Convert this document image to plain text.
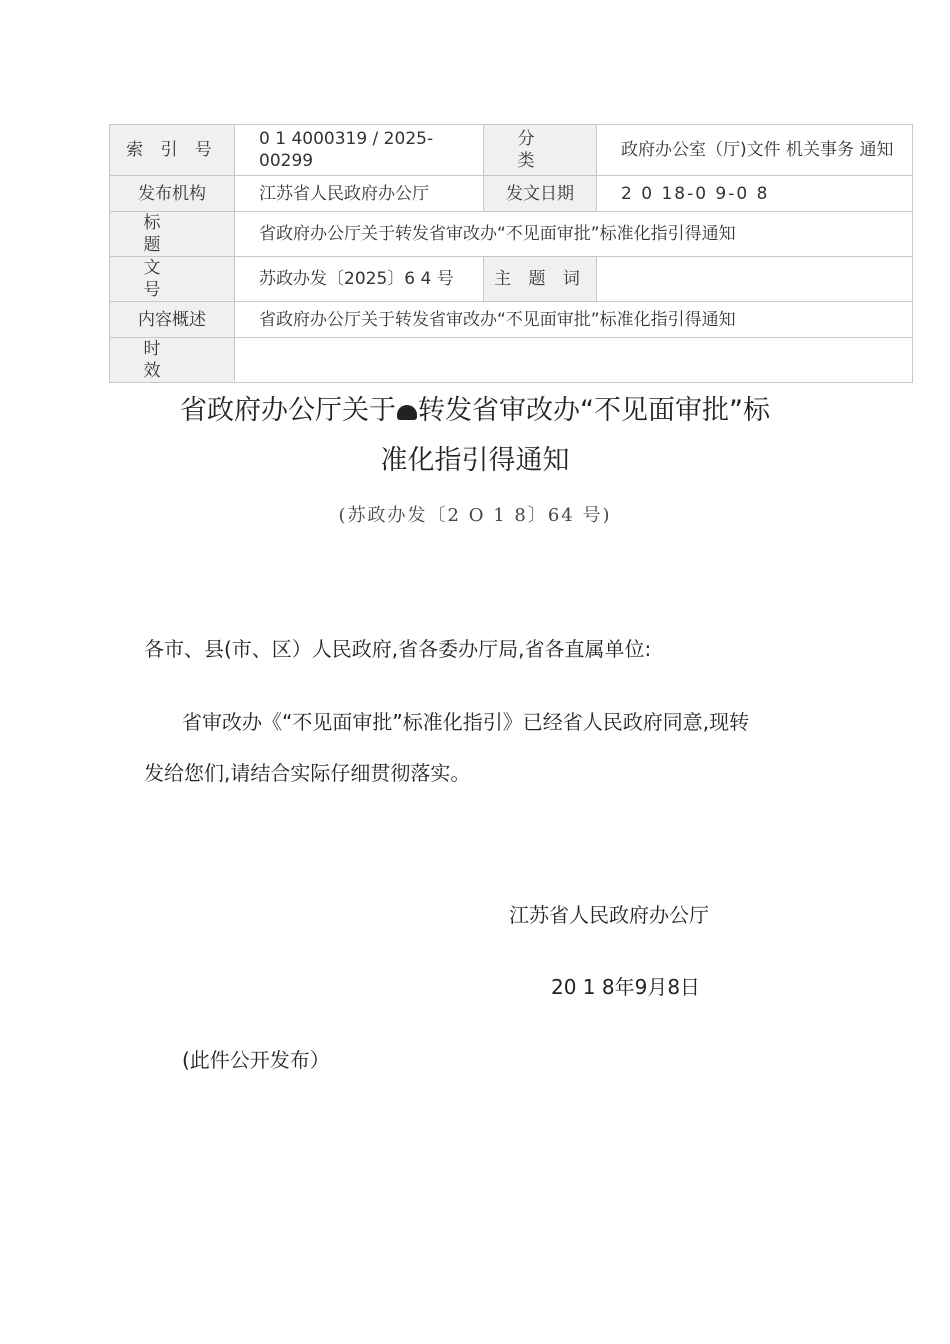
索 引 号	0 1 4000319 / 2025-00299	分　类	政府办公室（厅)文件 机关事务 通知
发布机构	江苏省人民政府办公厅	发文日期	2 0 18-0 9-0 8
标　题	省政府办公厅关于转发省审改办“不见面审批”标准化指引得通知		
文　号	苏政办发〔2025〕6 4 号	主 题 词	
内容概述	省政府办公厅关于转发省审改办“不见面审批”标准化指引得通知		
时　效			
省政府办公厅关于 转发省审改办“不见面审批”标
准化指引得通知
(苏政办发〔2 O 1 8〕64 号)
各市、县(市、区）人民政府,省各委办厅局,省各直属单位:
省审改办《“不见面审批”标准化指引》已经省人民政府同意,现转
发给您们,请结合实际仔细贯彻落实。
江苏省人民政府办公厅
20 1 8年9月8日
(此件公开发布）
